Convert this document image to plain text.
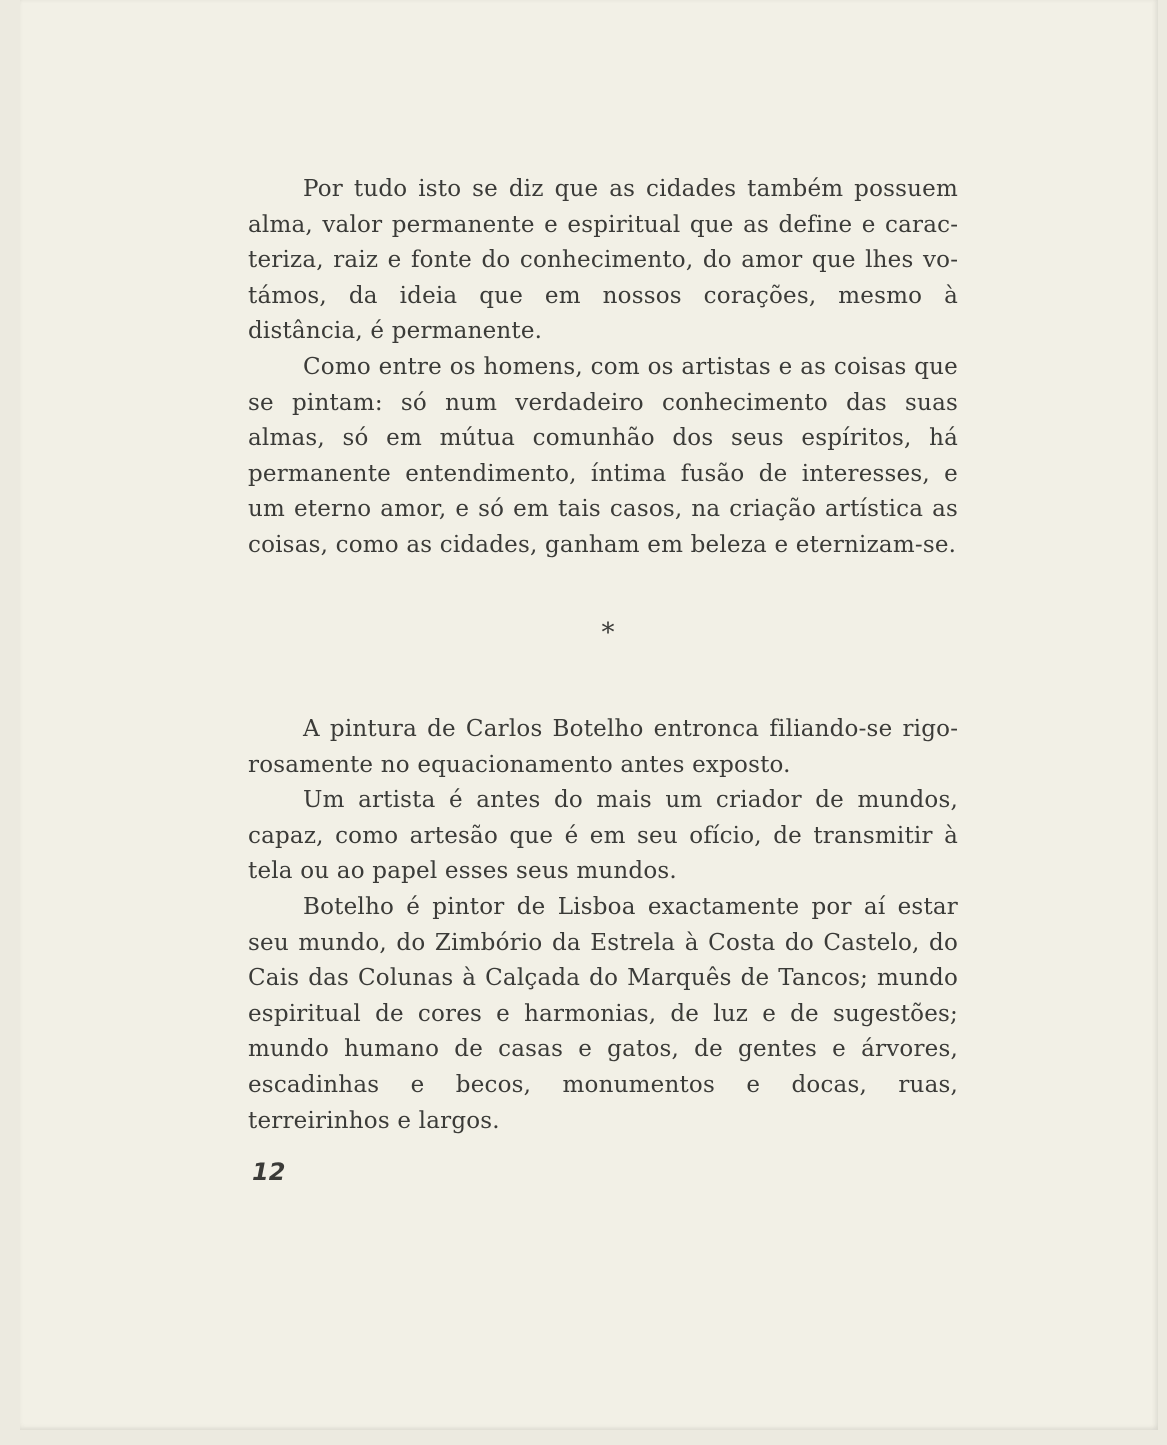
Por tudo isto se diz que as cidades também possuem alma, valor permanente e espiritual que as define e caracteriza, raiz e fonte do conhecimento, do amor que lhes votámos, da ideia que em nossos corações, mesmo à distância, é permanente.

Como entre os homens, com os artistas e as coisas que se pintam: só num verdadeiro conhecimento das suas almas, só em mútua comunhão dos seus espíritos, há permanente entendimento, íntima fusão de interesses, e um eterno amor, e só em tais casos, na criação artística as coisas, como as cidades, ganham em beleza e eternizam-se.

*

A pintura de Carlos Botelho entronca filiando-se rigorosamente no equacionamento antes exposto.

Um artista é antes do mais um criador de mundos, capaz, como artesão que é em seu ofício, de transmitir à tela ou ao papel esses seus mundos.

Botelho é pintor de Lisboa exactamente por aí estar seu mundo, do Zimbório da Estrela à Costa do Castelo, do Cais das Colunas à Calçada do Marquês de Tancos; mundo espiritual de cores e harmonias, de luz e de sugestões; mundo humano de casas e gatos, de gentes e árvores, escadinhas e becos, monumentos e docas, ruas, terreirinhos e largos.

12
